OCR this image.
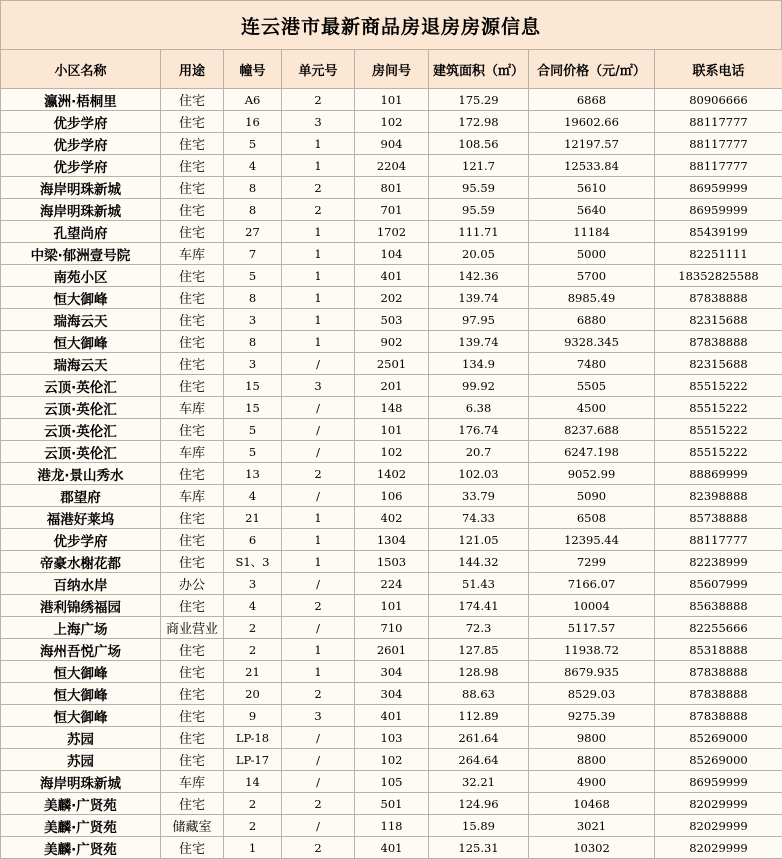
连云港市最新商品房退房房源信息
小区名称	用途	幢号	单元号	房间号	建筑面积（㎡）	合同价格（元/㎡）	联系电话
瀛洲·梧桐里	住宅	A6	2	101	175.29	6868	80906666
优步学府	住宅	16	3	102	172.98	19602.66	88117777
优步学府	住宅	5	1	904	108.56	12197.57	88117777
优步学府	住宅	4	1	2204	121.7	12533.84	88117777
海岸明珠新城	住宅	8	2	801	95.59	5610	86959999
海岸明珠新城	住宅	8	2	701	95.59	5640	86959999
孔望尚府	住宅	27	1	1702	111.71	11184	85439199
中梁·郁洲壹号院	车库	7	1	104	20.05	5000	82251111
南苑小区	住宅	5	1	401	142.36	5700	18352825588
恒大御峰	住宅	8	1	202	139.74	8985.49	87838888
瑞海云天	住宅	3	1	503	97.95	6880	82315688
恒大御峰	住宅	8	1	902	139.74	9328.345	87838888
瑞海云天	住宅	3	/	2501	134.9	7480	82315688
云顶·英伦汇	住宅	15	3	201	99.92	5505	85515222
云顶·英伦汇	车库	15	/	148	6.38	4500	85515222
云顶·英伦汇	住宅	5	/	101	176.74	8237.688	85515222
云顶·英伦汇	车库	5	/	102	20.7	6247.198	85515222
港龙·景山秀水	住宅	13	2	1402	102.03	9052.99	88869999
郡望府	车库	4	/	106	33.79	5090	82398888
福港好莱坞	住宅	21	1	402	74.33	6508	85738888
优步学府	住宅	6	1	1304	121.05	12395.44	88117777
帝豪水榭花都	住宅	S1、3	1	1503	144.32	7299	82238999
百纳水岸	办公	3	/	224	51.43	7166.07	85607999
港利锦绣福园	住宅	4	2	101	174.41	10004	85638888
上海广场	商业营业	2	/	710	72.3	5117.57	82255666
海州吾悦广场	住宅	2	1	2601	127.85	11938.72	85318888
恒大御峰	住宅	21	1	304	128.98	8679.935	87838888
恒大御峰	住宅	20	2	304	88.63	8529.03	87838888
恒大御峰	住宅	9	3	401	112.89	9275.39	87838888
苏园	住宅	LP-18	/	103	261.64	9800	85269000
苏园	住宅	LP-17	/	102	264.64	8800	85269000
海岸明珠新城	车库	14	/	105	32.21	4900	86959999
美麟·广贤苑	住宅	2	2	501	124.96	10468	82029999
美麟·广贤苑	储藏室	2	/	118	15.89	3021	82029999
美麟·广贤苑	住宅	1	2	401	125.31	10302	82029999
